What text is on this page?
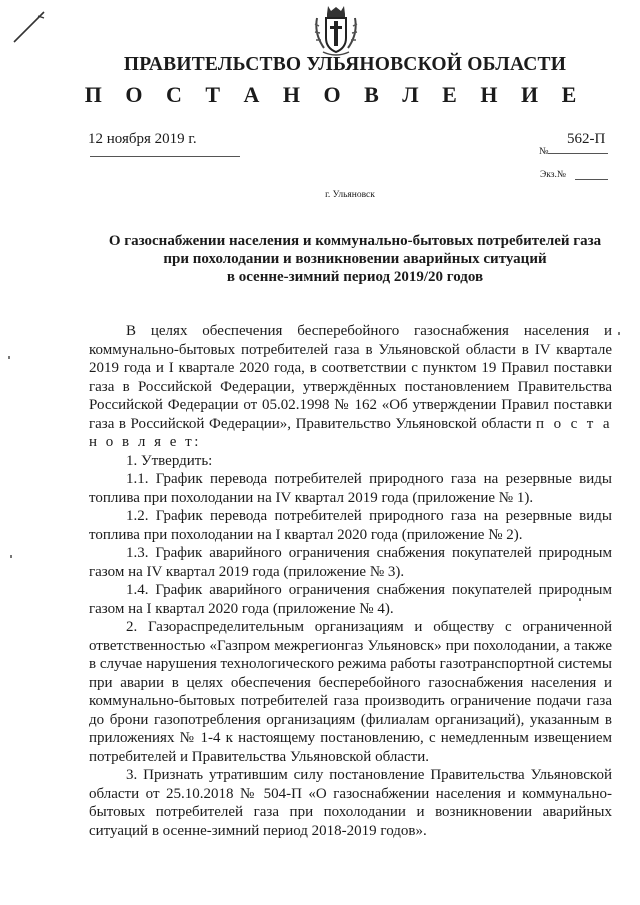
ПРАВИТЕЛЬСТВО УЛЬЯНОВСКОЙ ОБЛАСТИ
П О С Т А Н О В Л Е Н И Е
12 ноября 2019 г.
№
562-П
Экз.№
г. Ульяновск
О газоснабжении населения и коммунально-бытовых потребителей газа
при похолодании и возникновении аварийных ситуаций
в осенне-зимний период 2019/20 годов

В целях обеспечения бесперебойного газоснабжения населения и коммунально-бытовых потребителей газа в Ульяновской области в IV квартале 2019 года и I квартале 2020 года, в соответствии с пунктом 19 Правил поставки газа в Российской Федерации, утверждённых постановлением Правительства Российской Федерации от 05.02.1998 № 162 «Об утверждении Правил поставки газа в Российской Федерации», Правительство Ульяновской области п о с т а н о в л я е т:

1. Утвердить:

1.1. График перевода потребителей природного газа на резервные виды топлива при похолодании на IV квартал 2019 года (приложение № 1).

1.2. График перевода потребителей природного газа на резервные виды топлива при похолодании на I квартал 2020 года (приложение № 2).

1.3. График аварийного ограничения снабжения покупателей природным газом на IV квартал 2019 года (приложение № 3).

1.4. График аварийного ограничения снабжения покупателей природным газом на I квартал 2020 года (приложение № 4).

2. Газораспределительным организациям и обществу с ограниченной ответственностью «Газпром межрегионгаз Ульяновск» при похолодании, а также в случае нарушения технологического режима работы газотранспортной системы при аварии в целях обеспечения бесперебойного газоснабжения населения и коммунально-бытовых потребителей газа производить ограничение подачи газа до брони газопотребления организациям (филиалам организаций), указанным в приложениях № 1-4 к настоящему постановлению, с немедленным извещением потребителей и Правительства Ульяновской области.

3. Признать утратившим силу постановление Правительства Ульяновской области от 25.10.2018 № 504-П «О газоснабжении населения и коммунально-бытовых потребителей газа при похолодании и возникновении аварийных ситуаций в осенне-зимний период 2018-2019 годов».
